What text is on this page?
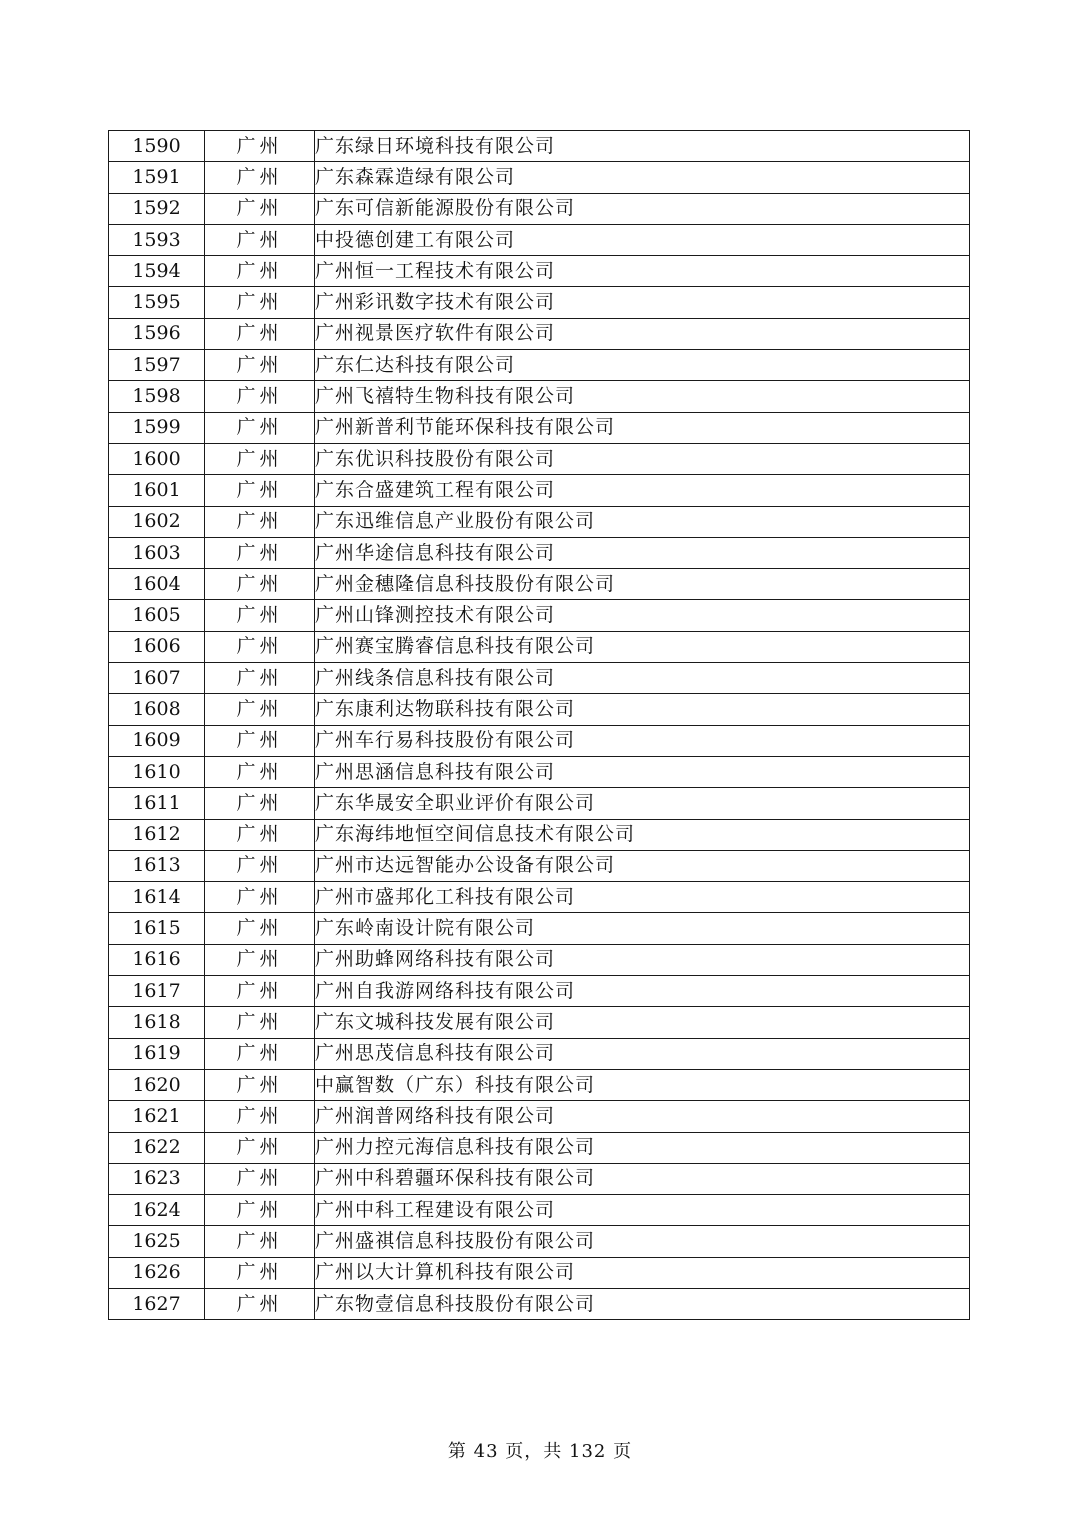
1590	广州	广东绿日环境科技有限公司
1591	广州	广东森霖造绿有限公司
1592	广州	广东可信新能源股份有限公司
1593	广州	中投德创建工有限公司
1594	广州	广州恒一工程技术有限公司
1595	广州	广州彩讯数字技术有限公司
1596	广州	广州视景医疗软件有限公司
1597	广州	广东仁达科技有限公司
1598	广州	广州飞禧特生物科技有限公司
1599	广州	广州新普利节能环保科技有限公司
1600	广州	广东优识科技股份有限公司
1601	广州	广东合盛建筑工程有限公司
1602	广州	广东迅维信息产业股份有限公司
1603	广州	广州华途信息科技有限公司
1604	广州	广州金穗隆信息科技股份有限公司
1605	广州	广州山锋测控技术有限公司
1606	广州	广州赛宝腾睿信息科技有限公司
1607	广州	广州线条信息科技有限公司
1608	广州	广东康利达物联科技有限公司
1609	广州	广州车行易科技股份有限公司
1610	广州	广州思涵信息科技有限公司
1611	广州	广东华晟安全职业评价有限公司
1612	广州	广东海纬地恒空间信息技术有限公司
1613	广州	广州市达远智能办公设备有限公司
1614	广州	广州市盛邦化工科技有限公司
1615	广州	广东岭南设计院有限公司
1616	广州	广州助蜂网络科技有限公司
1617	广州	广州自我游网络科技有限公司
1618	广州	广东文城科技发展有限公司
1619	广州	广州思茂信息科技有限公司
1620	广州	中赢智数（广东）科技有限公司
1621	广州	广州润普网络科技有限公司
1622	广州	广州力控元海信息科技有限公司
1623	广州	广州中科碧疆环保科技有限公司
1624	广州	广州中科工程建设有限公司
1625	广州	广州盛祺信息科技股份有限公司
1626	广州	广州以大计算机科技有限公司
1627	广州	广东物壹信息科技股份有限公司
第 43 页，共 132 页
